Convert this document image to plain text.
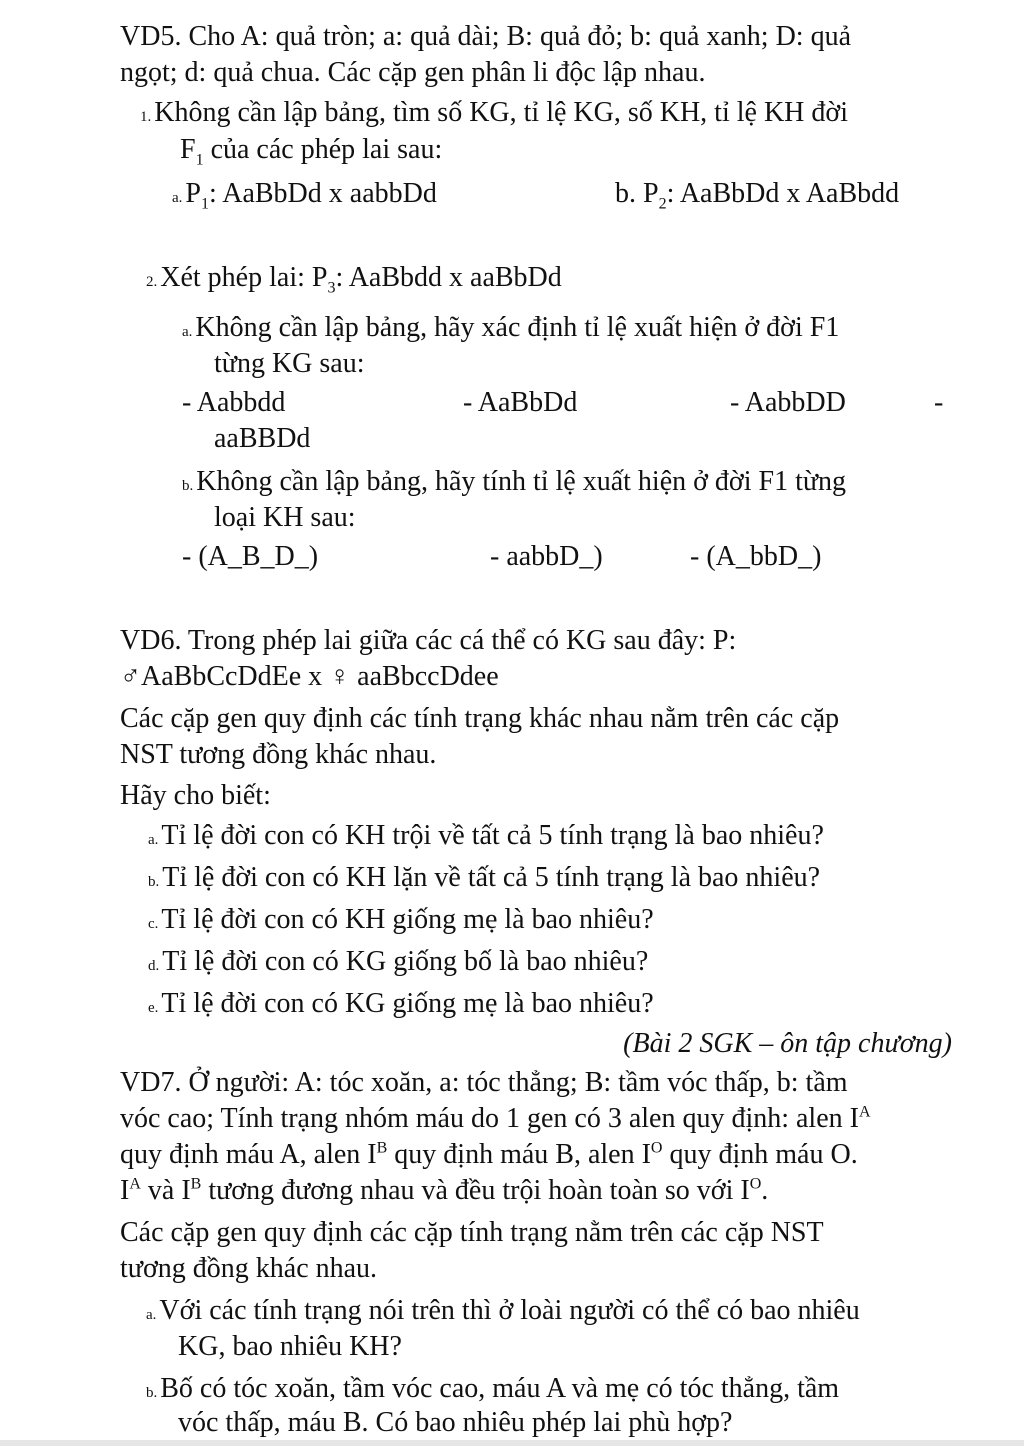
VD5. Cho A: quả tròn; a: quả dài; B: quả đỏ; b: quả xanh; D: quả
ngọt; d: quả chua. Các cặp gen phân li độc lập nhau.
1. Không cần lập bảng, tìm số KG, tỉ lệ KG, số KH, tỉ lệ KH đời
$F_1$ của các phép lai sau:
a. $P_1$: AaBbDd x aabbDd	b. $P_2$: AaBbDd x AaBbdd
2. Xét phép lai: $P_3$: AaBbdd x aaBbDd
a. Không cần lập bảng, hãy xác định tỉ lệ xuất hiện ở đời F1
từng KG sau:
- Aabbdd	- AaBbDd	- AabbDD	-
aaBBDd
b. Không cần lập bảng, hãy tính tỉ lệ xuất hiện ở đời F1 từng
loại KH sau:
- (A_B_D_)	- aabbD_)	- (A_bbD_)
VD6. Trong phép lai giữa các cá thể có KG sau đây: P:
♂AaBbCcDdEe x ♀ aaBbccDdee
Các cặp gen quy định các tính trạng khác nhau nằm trên các cặp
NST tương đồng khác nhau.
Hãy cho biết:
a. Tỉ lệ đời con có KH trội về tất cả 5 tính trạng là bao nhiêu?
b. Tỉ lệ đời con có KH lặn về tất cả 5 tính trạng là bao nhiêu?
c. Tỉ lệ đời con có KH giống mẹ là bao nhiêu?
d. Tỉ lệ đời con có KG giống bố là bao nhiêu?
e. Tỉ lệ đời con có KG giống mẹ là bao nhiêu?
(Bài 2 SGK – ôn tập chương)
VD7. Ở người: A: tóc xoăn, a: tóc thẳng; B: tầm vóc thấp, b: tầm
vóc cao; Tính trạng nhóm máu do 1 gen có 3 alen quy định: alen $I^A$
quy định máu A, alen $I^B$ quy định máu B, alen $I^O$ quy định máu O.
$I^A$ và $I^B$ tương đương nhau và đều trội hoàn toàn so với $I^O$.
Các cặp gen quy định các cặp tính trạng nằm trên các cặp NST
tương đồng khác nhau.
a. Với các tính trạng nói trên thì ở loài người có thể có bao nhiêu
KG, bao nhiêu KH?
b. Bố có tóc xoăn, tầm vóc cao, máu A và mẹ có tóc thẳng, tầm
vóc thấp, máu B. Có bao nhiêu phép lai phù hợp?
